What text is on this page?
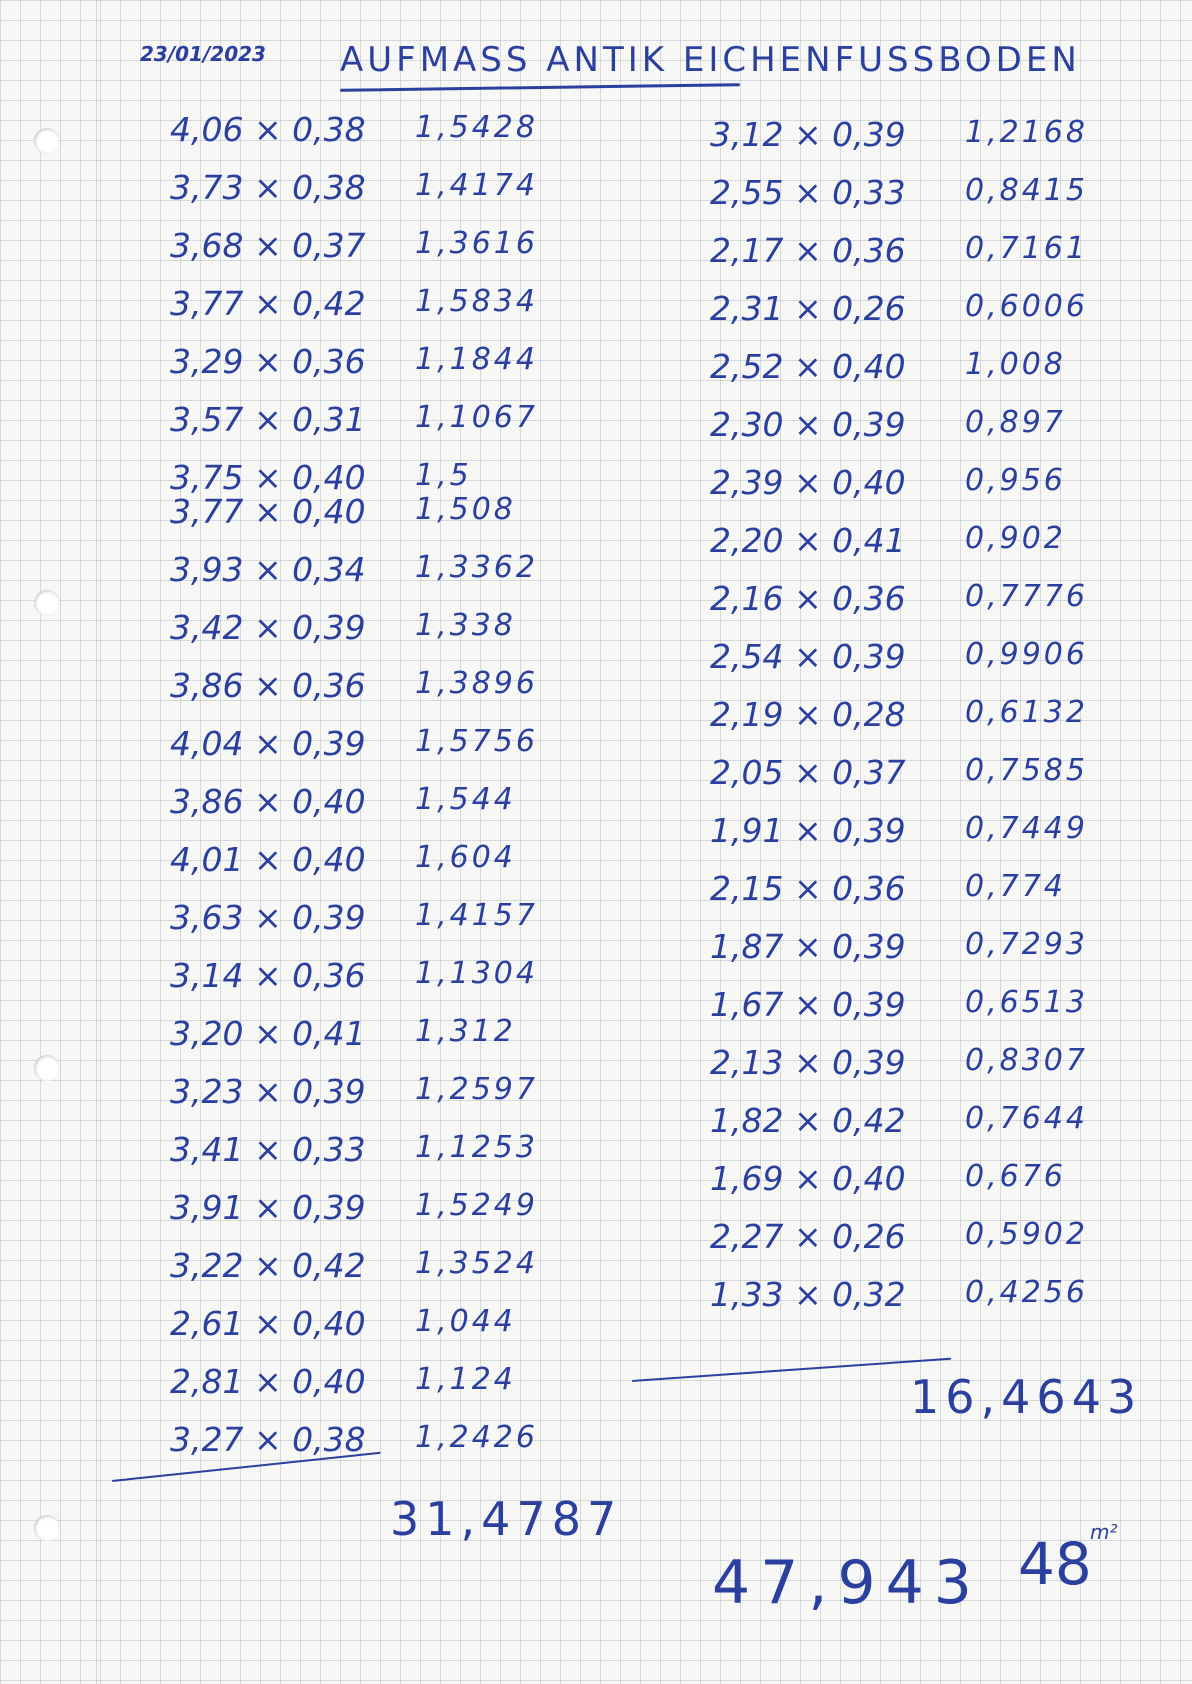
23/01/2023 AUFMASS ANTIK EICHENFUSSBODEN
4,06 × 0,38 1,5428
3,73 × 0,38 1,4174
3,68 × 0,37 1,3616
3,77 × 0,42 1,5834
3,29 × 0,36 1,1844
3,57 × 0,31 1,1067
3,75 × 0,40 1,5
3,77 × 0,40 1,508
3,93 × 0,34 1,3362
3,42 × 0,39 1,338
3,86 × 0,36 1,3896
4,04 × 0,39 1,5756
3,86 × 0,40 1,544
4,01 × 0,40 1,604
3,63 × 0,39 1,4157
3,14 × 0,36 1,1304
3,20 × 0,41 1,312
3,23 × 0,39 1,2597
3,41 × 0,33 1,1253
3,91 × 0,39 1,5249
3,22 × 0,42 1,3524
2,61 × 0,40 1,044
2,81 × 0,40 1,124
3,27 × 0,38 1,2426
3,12 × 0,39 1,2168
2,55 × 0,33 0,8415
2,17 × 0,36 0,7161
2,31 × 0,26 0,6006
2,52 × 0,40 1,008
2,30 × 0,39 0,897
2,39 × 0,40 0,956
2,20 × 0,41 0,902
2,16 × 0,36 0,7776
2,54 × 0,39 0,9906
2,19 × 0,28 0,6132
2,05 × 0,37 0,7585
1,91 × 0,39 0,7449
2,15 × 0,36 0,774
1,87 × 0,39 0,7293
1,67 × 0,39 0,6513
2,13 × 0,39 0,8307
1,82 × 0,42 0,7644
1,69 × 0,40 0,676
2,27 × 0,26 0,5902
1,33 × 0,32 0,4256
31,4787
16,4643
47,943 48
m²
